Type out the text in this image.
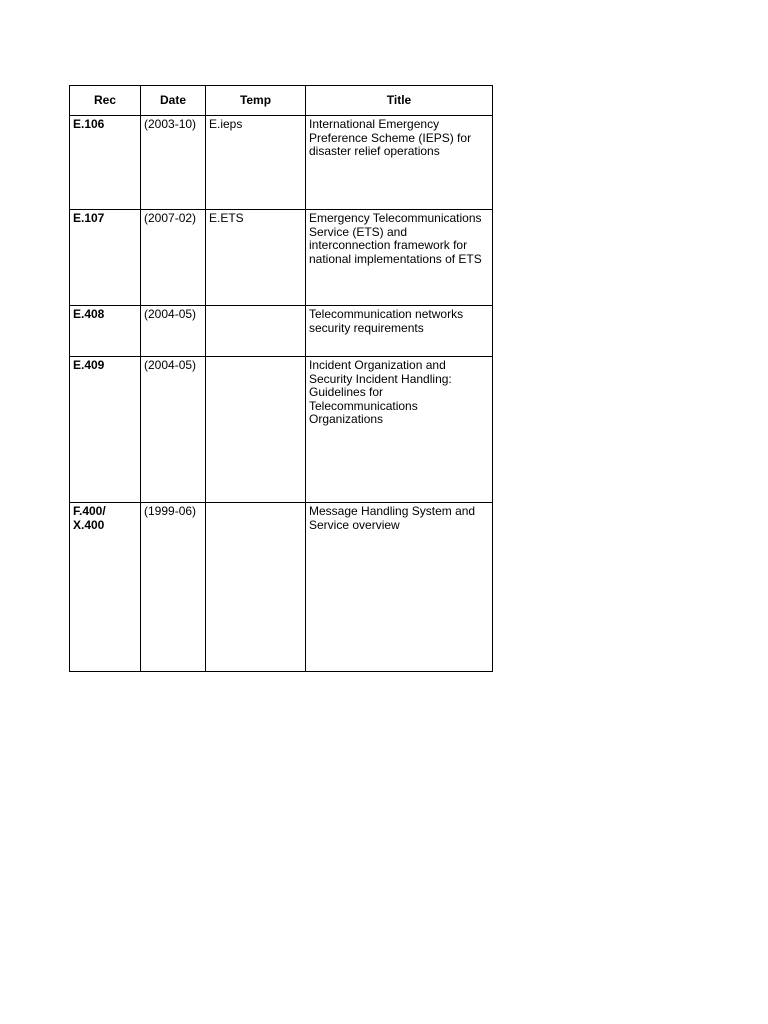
Rec	Date	Temp	Title
E.106	(2003-10)	E.ieps	International Emergency Preference Scheme (IEPS) for disaster relief operations
E.107	(2007-02)	E.ETS	Emergency Telecommunications Service (ETS) and interconnection framework for national implementations of ETS
E.408	(2004-05)		Telecommunication networks security requirements
E.409	(2004-05)		Incident Organization and Security Incident Handling: Guidelines for Telecommunications Organizations
F.400/ X.400	(1999-06)		Message Handling System and Service overview
